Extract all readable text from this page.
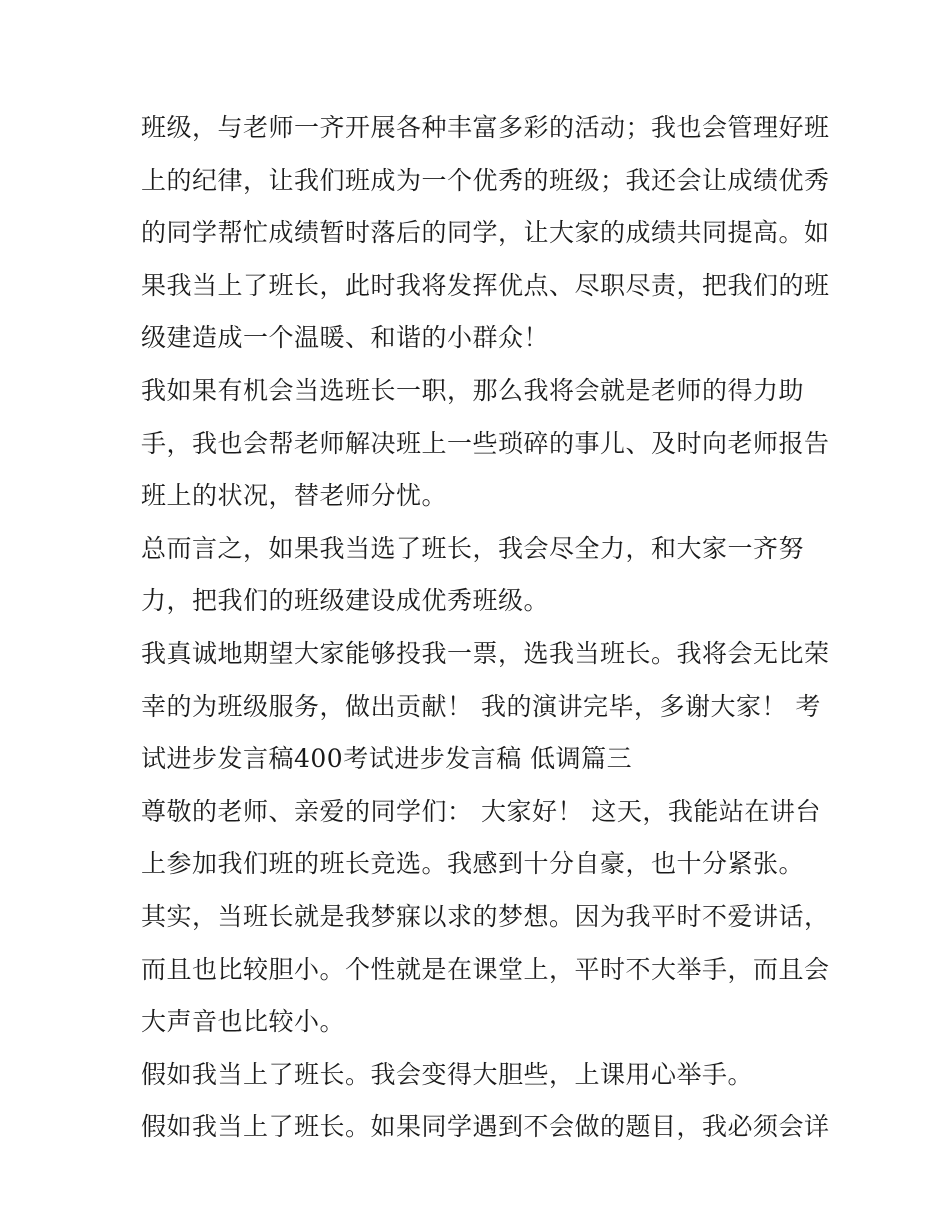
班级，与老师一齐开展各种丰富多彩的活动；我也会管理好班
上的纪律，让我们班成为一个优秀的班级；我还会让成绩优秀
的同学帮忙成绩暂时落后的同学，让大家的成绩共同提高。如
果我当上了班长，此时我将发挥优点、尽职尽责，把我们的班
级建造成一个温暖、和谐的小群众！
我如果有机会当选班长一职，那么我将会就是老师的得力助
手，我也会帮老师解决班上一些琐碎的事儿、及时向老师报告
班上的状况，替老师分忧。
总而言之，如果我当选了班长，我会尽全力，和大家一齐努
力，把我们的班级建设成优秀班级。
我真诚地期望大家能够投我一票，选我当班长。我将会无比荣
幸的为班级服务，做出贡献！ 我的演讲完毕，多谢大家！ 考
试进步发言稿400考试进步发言稿 低调篇三
尊敬的老师、亲爱的同学们： 大家好！ 这天，我能站在讲台
上参加我们班的班长竞选。我感到十分自豪，也十分紧张。
其实，当班长就是我梦寐以求的梦想。因为我平时不爱讲话，
而且也比较胆小。个性就是在课堂上，平时不大举手，而且会
大声音也比较小。
假如我当上了班长。我会变得大胆些，上课用心举手。
假如我当上了班长。如果同学遇到不会做的题目，我必须会详
